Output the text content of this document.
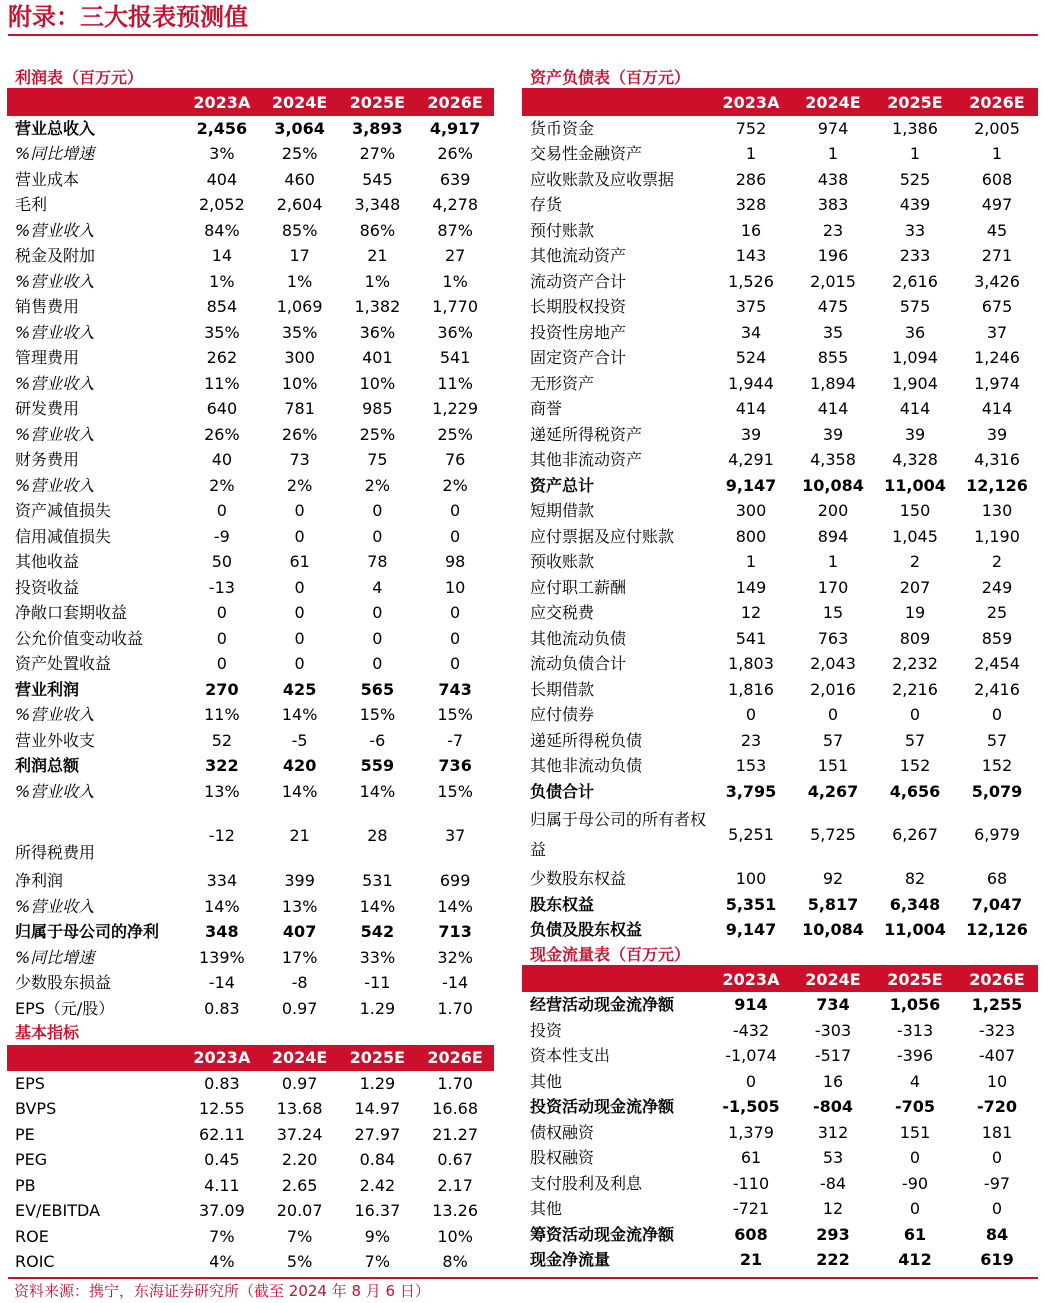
附录：三大报表预测值
利润表（百万元）
	2023A	2024E	2025E	2026E
营业总收入	2,456	3,064	3,893	4,917
%同比增速	3%	25%	27%	26%
营业成本	404	460	545	639
毛利	2,052	2,604	3,348	4,278
%营业收入	84%	85%	86%	87%
税金及附加	14	17	21	27
%营业收入	1%	1%	1%	1%
销售费用	854	1,069	1,382	1,770
%营业收入	35%	35%	36%	36%
管理费用	262	300	401	541
%营业收入	11%	10%	10%	11%
研发费用	640	781	985	1,229
%营业收入	26%	26%	25%	25%
财务费用	40	73	75	76
%营业收入	2%	2%	2%	2%
资产减值损失	0	0	0	0
信用减值损失	-9	0	0	0
其他收益	50	61	78	98
投资收益	-13	0	4	10
净敞口套期收益	0	0	0	0
公允价值变动收益	0	0	0	0
资产处置收益	0	0	0	0
营业利润	270	425	565	743
%营业收入	11%	14%	15%	15%
营业外收支	52	-5	-6	-7
利润总额	322	420	559	736
%营业收入	13%	14%	14%	15%
所得税费用	-12	21	28	37
净利润	334	399	531	699
%营业收入	14%	13%	14%	14%
归属于母公司的净利	348	407	542	713
%同比增速	139%	17%	33%	32%
少数股东损益	-14	-8	-11	-14
EPS（元/股）	0.83	0.97	1.29	1.70
基本指标
	2023A	2024E	2025E	2026E
EPS	0.83	0.97	1.29	1.70
BVPS	12.55	13.68	14.97	16.68
PE	62.11	37.24	27.97	21.27
PEG	0.45	2.20	0.84	0.67
PB	4.11	2.65	2.42	2.17
EV/EBITDA	37.09	20.07	16.37	13.26
ROE	7%	7%	9%	10%
ROIC	4%	5%	7%	8%
资产负债表（百万元）
	2023A	2024E	2025E	2026E
货币资金	752	974	1,386	2,005
交易性金融资产	1	1	1	1
应收账款及应收票据	286	438	525	608
存货	328	383	439	497
预付账款	16	23	33	45
其他流动资产	143	196	233	271
流动资产合计	1,526	2,015	2,616	3,426
长期股权投资	375	475	575	675
投资性房地产	34	35	36	37
固定资产合计	524	855	1,094	1,246
无形资产	1,944	1,894	1,904	1,974
商誉	414	414	414	414
递延所得税资产	39	39	39	39
其他非流动资产	4,291	4,358	4,328	4,316
资产总计	9,147	10,084	11,004	12,126
短期借款	300	200	150	130
应付票据及应付账款	800	894	1,045	1,190
预收账款	1	1	2	2
应付职工薪酬	149	170	207	249
应交税费	12	15	19	25
其他流动负债	541	763	809	859
流动负债合计	1,803	2,043	2,232	2,454
长期借款	1,816	2,016	2,216	2,416
应付债券	0	0	0	0
递延所得税负债	23	57	57	57
其他非流动负债	153	151	152	152
负债合计	3,795	4,267	4,656	5,079
归属于母公司的所有者权益	5,251	5,725	6,267	6,979
少数股东权益	100	92	82	68
股东权益	5,351	5,817	6,348	7,047
负债及股东权益	9,147	10,084	11,004	12,126
现金流量表（百万元）
	2023A	2024E	2025E	2026E
经营活动现金流净额	914	734	1,056	1,255
投资	-432	-303	-313	-323
资本性支出	-1,074	-517	-396	-407
其他	0	16	4	10
投资活动现金流净额	-1,505	-804	-705	-720
债权融资	1,379	312	151	181
股权融资	61	53	0	0
支付股利及利息	-110	-84	-90	-97
其他	-721	12	0	0
筹资活动现金流净额	608	293	61	84
现金净流量	21	222	412	619
资料来源：携宁，东海证券研究所（截至 2024 年 8 月 6 日）
